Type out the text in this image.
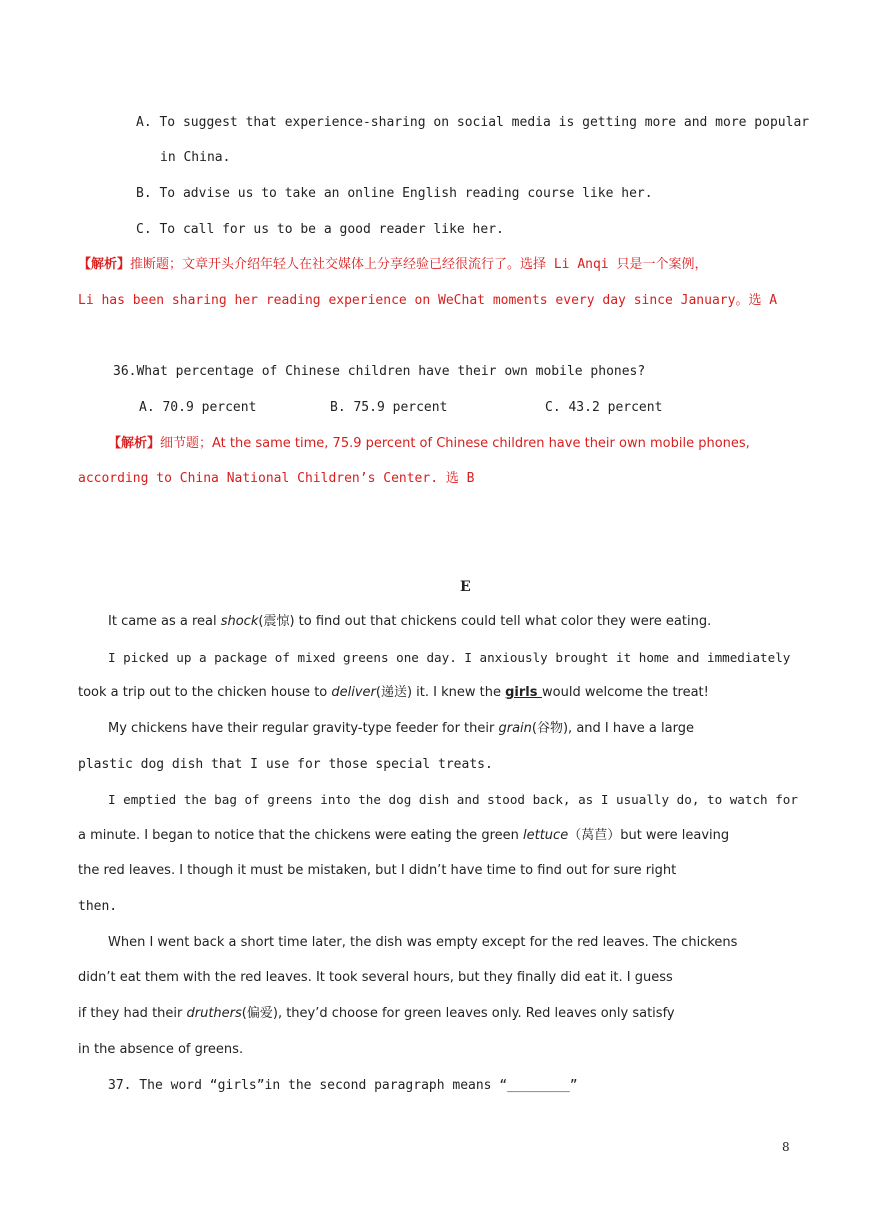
A. To suggest that experience-sharing on social media is getting more and more popular
in China.
B. To advise us to take an online English reading course like her.
C. To call for us to be a good reader like her.
【解析】推断题；文章开头介绍年轻人在社交媒体上分享经验已经很流行了。选择 Li Anqi 只是一个案例，
Li has been sharing her reading experience on WeChat moments every day since January。选 A
36.What percentage of Chinese children have their own mobile phones?
A. 70.9 percent	B. 75.9 percent	C. 43.2 percent
【解析】细节题；At the same time, 75.9 percent of Chinese children have their own mobile phones,
according to China National Children’s Center. 选 B
E
It came as a real shock(震惊) to find out that chickens could tell what color they were eating.
I picked up a package of mixed greens one day. I anxiously brought it home and immediately
took a trip out to the chicken house to deliver(递送) it. I knew the girls would welcome the treat!
My chickens have their regular gravity-type feeder for their grain(谷物), and I have a large
plastic dog dish that I use for those special treats.
I emptied the bag of greens into the dog dish and stood back, as I usually do, to watch for
a minute. I began to notice that the chickens were eating the green lettuce（莴苣）but were leaving
the red leaves. I though it must be mistaken, but I didn’t have time to find out for sure right
then.
When I went back a short time later, the dish was empty except for the red leaves. The chickens
didn’t eat them with the red leaves. It took several hours, but they finally did eat it. I guess
if they had their druthers(偏爱), they’d choose for green leaves only. Red leaves only satisfy
in the absence of greens.
37. The word “girls”in the second paragraph means “________”
8
